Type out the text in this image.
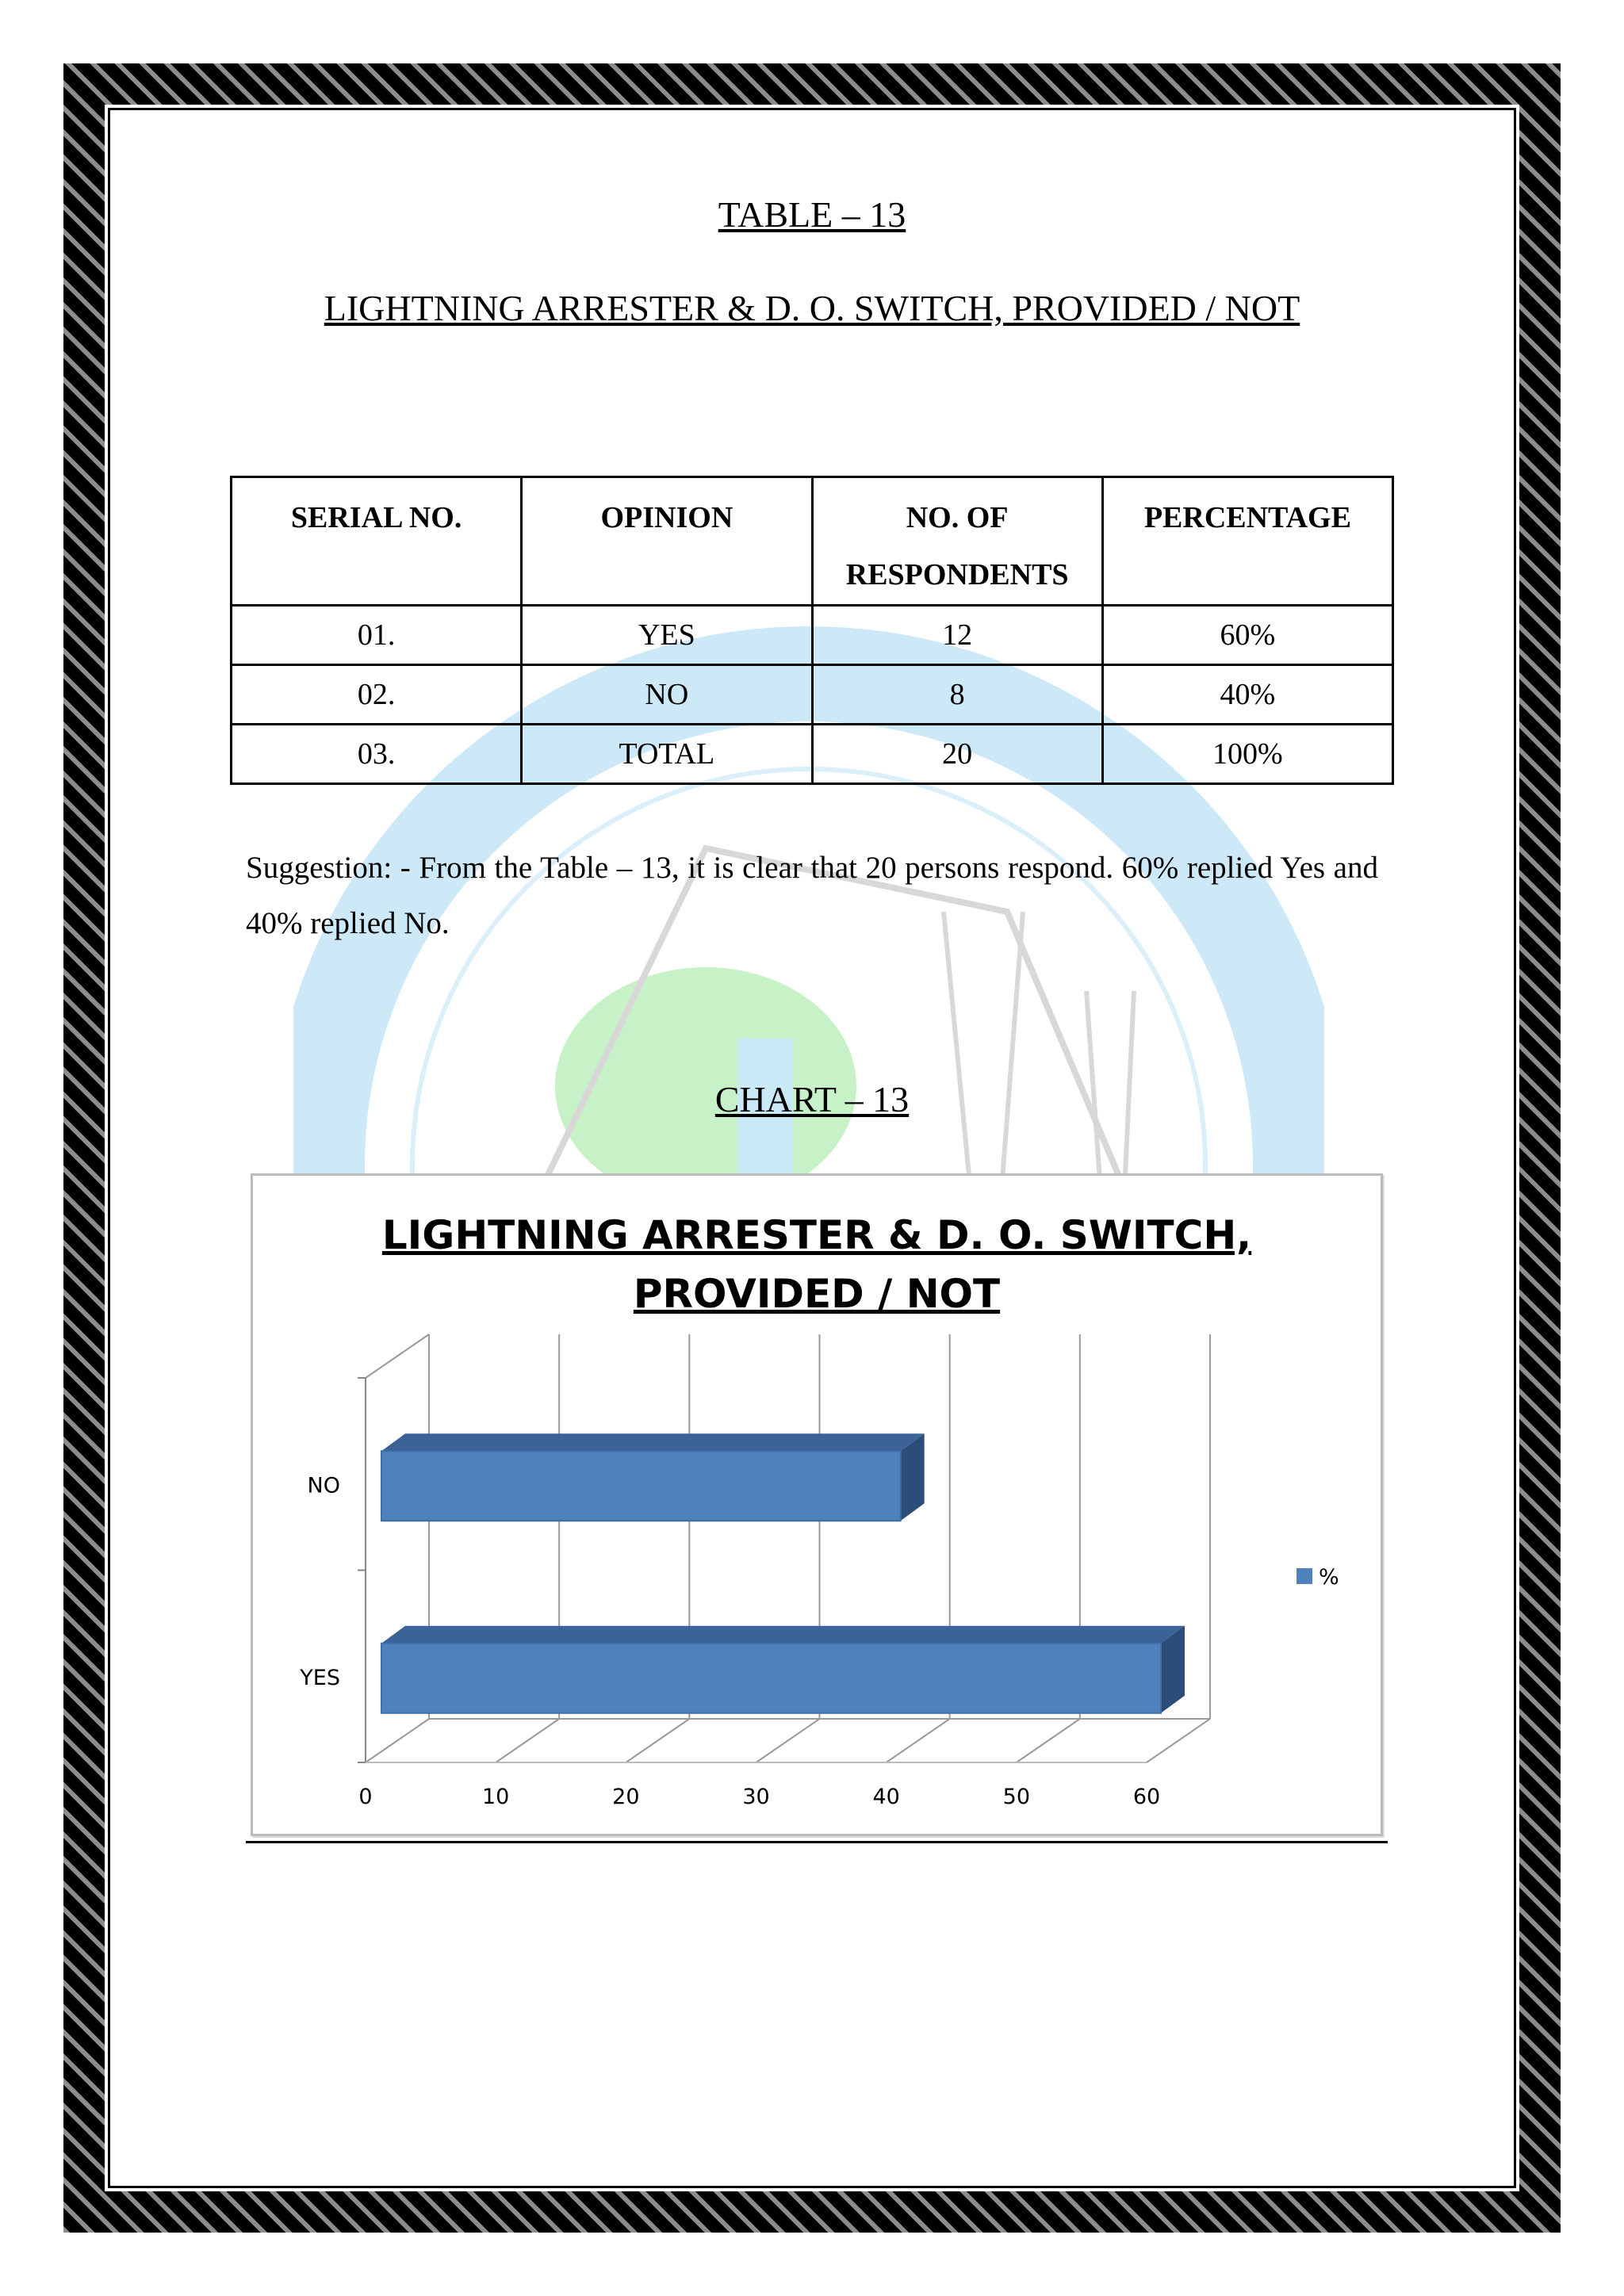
TABLE – 13
LIGHTNING ARRESTER & D. O. SWITCH, PROVIDED / NOT
SERIAL NO.	OPINION	NO. OF RESPONDENTS	PERCENTAGE
01.	YES	12	60%
02.	NO	8	40%
03.	TOTAL	20	100%
Suggestion: - From the Table – 13, it is clear that 20 persons respond. 60% replied Yes and 40% replied No.
CHART – 13
LIGHTNING ARRESTER & D. O. SWITCH,
PROVIDED / NOT
0	10	20	30	40	50	60
YES
NO
%
